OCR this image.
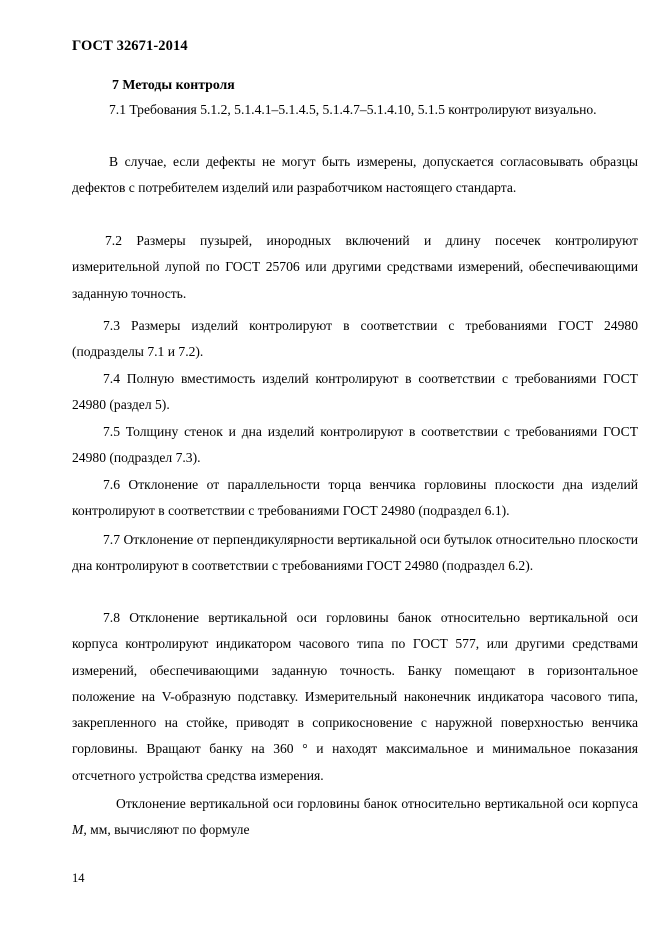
ГОСТ 32671-2014
7 Методы контроля
7.1 Требования 5.1.2, 5.1.4.1–5.1.4.5, 5.1.4.7–5.1.4.10, 5.1.5 контролируют визуально.
В случае, если дефекты не могут быть измерены, допускается согласовывать образцы дефектов с потребителем изделий или разработчиком настоящего стандарта.
7.2 Размеры пузырей, инородных включений и длину посечек контролируют измерительной лупой по ГОСТ 25706 или другими средствами измерений, обеспечивающими заданную точность.
7.3 Размеры изделий контролируют в соответствии с требованиями ГОСТ 24980 (подразделы 7.1 и 7.2).
7.4 Полную вместимость изделий контролируют в соответствии с требованиями ГОСТ 24980 (раздел 5).
7.5 Толщину стенок и дна изделий контролируют в соответствии с требованиями ГОСТ 24980 (подраздел 7.3).
7.6 Отклонение от параллельности торца венчика горловины плоскости дна изделий контролируют в соответствии с требованиями ГОСТ 24980 (подраздел 6.1).
7.7 Отклонение от перпендикулярности вертикальной оси бутылок относительно плоскости дна контролируют в соответствии с требованиями ГОСТ 24980 (подраздел 6.2).
7.8 Отклонение вертикальной оси горловины банок относительно вертикальной оси корпуса контролируют индикатором часового типа по ГОСТ 577, или другими средствами измерений, обеспечивающими заданную точность. Банку помещают в горизонтальное положение на V-образную подставку. Измерительный наконечник индикатора часового типа, закрепленного на стойке, приводят в соприкосновение с наружной поверхностью венчика горловины. Вращают банку на 360 ° и находят максимальное и минимальное показания отсчетного устройства средства измерения.
Отклонение вертикальной оси горловины банок относительно вертикальной оси корпуса M, мм, вычисляют по формуле
14
